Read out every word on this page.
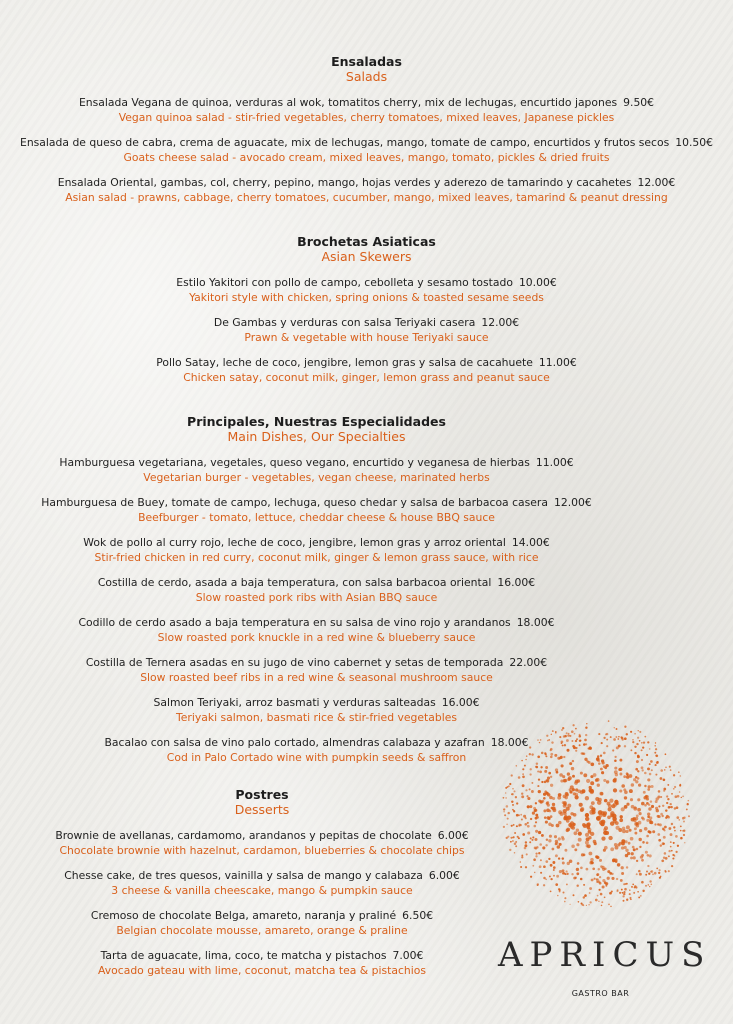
Ensaladas
Salads
Ensalada Vegana de quinoa, verduras al wok, tomatitos cherry, mix de lechugas, encurtido japones 9.50€
Vegan quinoa salad - stir-fried vegetables, cherry tomatoes, mixed leaves, Japanese pickles
Ensalada de queso de cabra, crema de aguacate, mix de lechugas, mango, tomate de campo, encurtidos y frutos secos 10.50€
Goats cheese salad - avocado cream, mixed leaves, mango, tomato, pickles & dried fruits
Ensalada Oriental, gambas, col, cherry, pepino, mango, hojas verdes y aderezo de tamarindo y cacahetes 12.00€
Asian salad - prawns, cabbage, cherry tomatoes, cucumber, mango, mixed leaves, tamarind & peanut dressing
Brochetas Asiaticas
Asian Skewers
Estilo Yakitori con pollo de campo, cebolleta y sesamo tostado 10.00€
Yakitori style with chicken, spring onions & toasted sesame seeds
De Gambas y verduras con salsa Teriyaki casera 12.00€
Prawn & vegetable with house Teriyaki sauce
Pollo Satay, leche de coco, jengibre, lemon gras y salsa de cacahuete 11.00€
Chicken satay, coconut milk, ginger, lemon grass and peanut sauce
Principales, Nuestras Especialidades
Main Dishes, Our Specialties
Hamburguesa vegetariana, vegetales, queso vegano, encurtido y veganesa de hierbas 11.00€
Vegetarian burger - vegetables, vegan cheese, marinated herbs
Hamburguesa de Buey, tomate de campo, lechuga, queso chedar y salsa de barbacoa casera 12.00€
Beefburger - tomato, lettuce, cheddar cheese & house BBQ sauce
Wok de pollo al curry rojo, leche de coco, jengibre, lemon gras y arroz oriental 14.00€
Stir-fried chicken in red curry, coconut milk, ginger & lemon grass sauce, with rice
Costilla de cerdo, asada a baja temperatura, con salsa barbacoa oriental 16.00€
Slow roasted pork ribs with Asian BBQ sauce
Codillo de cerdo asado a baja temperatura en su salsa de vino rojo y arandanos 18.00€
Slow roasted pork knuckle in a red wine & blueberry sauce
Costilla de Ternera asadas en su jugo de vino cabernet y setas de temporada 22.00€
Slow roasted beef ribs in a red wine & seasonal mushroom sauce
Salmon Teriyaki, arroz basmati y verduras salteadas 16.00€
Teriyaki salmon, basmati rice & stir-fried vegetables
Bacalao con salsa de vino palo cortado, almendras calabaza y azafran 18.00€
Cod in Palo Cortado wine with pumpkin seeds & saffron
Postres
Desserts
Brownie de avellanas, cardamomo, arandanos y pepitas de chocolate 6.00€
Chocolate brownie with hazelnut, cardamon, blueberries & chocolate chips
Chesse cake, de tres quesos, vainilla y salsa de mango y calabaza 6.00€
3 cheese & vanilla cheescake, mango & pumpkin sauce
Cremoso de chocolate Belga, amareto, naranja y praliné 6.50€
Belgian chocolate mousse, amareto, orange & praline
Tarta de aguacate, lima, coco, te matcha y pistachos 7.00€
Avocado gateau with lime, coconut, matcha tea & pistachios	APRICUS
GASTRO BAR
